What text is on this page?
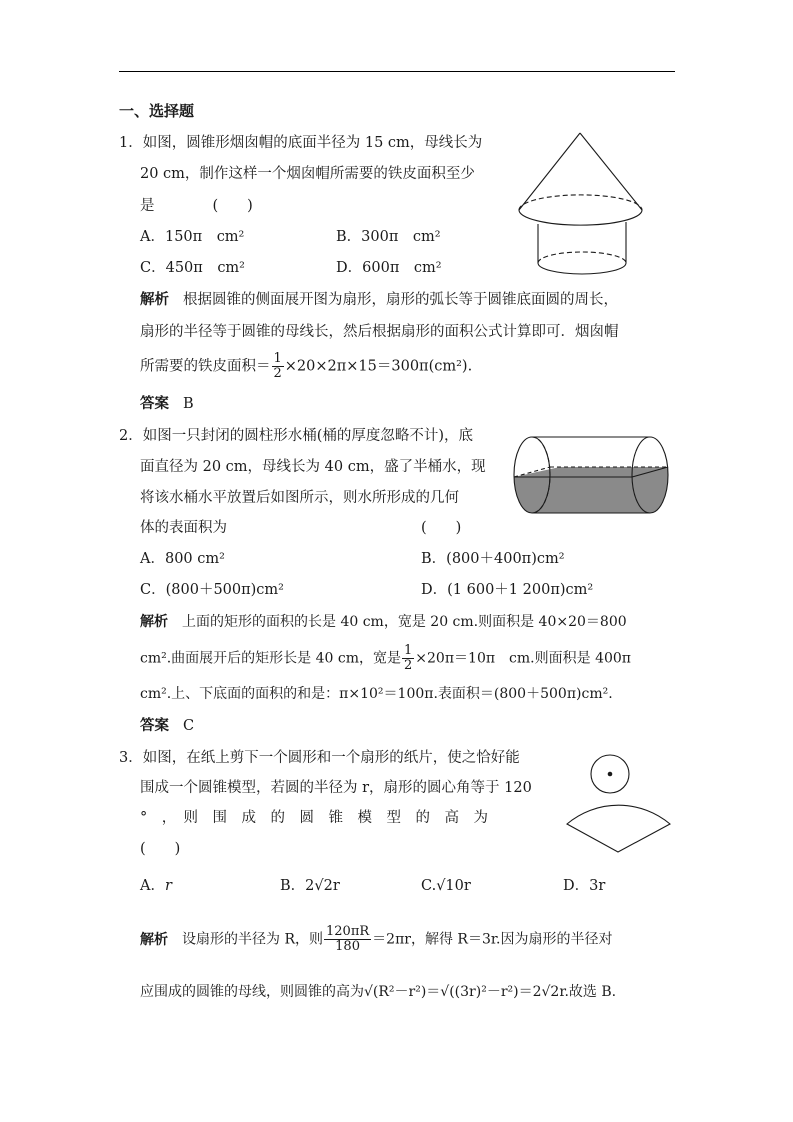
一、选择题
1．如图，圆锥形烟囱帽的底面半径为 15 cm，母线长为
20 cm，制作这样一个烟囱帽所需要的铁皮面积至少
是　　　　(　　)
A．150π　cm²	B．300π　cm²
C．450π　cm²	D．600π　cm²
解析 根据圆锥的侧面展开图为扇形，扇形的弧长等于圆锥底面圆的周长，
扇形的半径等于圆锥的母线长，然后根据扇形的面积公式计算即可．烟囱帽
所需要的铁皮面积＝ $\frac{1}{2} \times 20\times 2\pi\times 15=300\pi(cm^2)$.
答案 B
2．如图一只封闭的圆柱形水桶(桶的厚度忽略不计)，底
面直径为 20 cm，母线长为 40 cm，盛了半桶水，现
将该水桶水平放置后如图所示，则水所形成的几何
体的表面积为	(　　)
A．800 cm²	B．(800＋400π)cm²
C．(800＋500π)cm²	D．(1 600＋1 200π)cm²
解析 上面的矩形的面积的长是 40 cm，宽是 20 cm.则面积是 40×20＝800
cm².曲面展开后的矩形长是 40 cm，宽是 $\frac{1}{2} \times 20\pi=10\pi$　cm.则面积是 400π
cm².上、下底面的面积的和是：π×10²＝100π.表面积＝(800＋500π)cm².
答案 C
3．如图，在纸上剪下一个圆形和一个扇形的纸片，使之恰好能
围成一个圆锥模型，若圆的半径为 r，扇形的圆心角等于 120
°　，　则　围　成　的　圆　锥　模　型　的　高　为
(　　)
A．r	B．2√2r	C.√10r	D．3r
解析 设扇形的半径为 R，则 $\frac{120\pi R}{180} =2\pi r$，解得 R＝3r.因为扇形的半径对
应围成的圆锥的母线，则圆锥的高为√(R²－r²)＝√((3r)²－r²)＝2√2r.故选 B.
